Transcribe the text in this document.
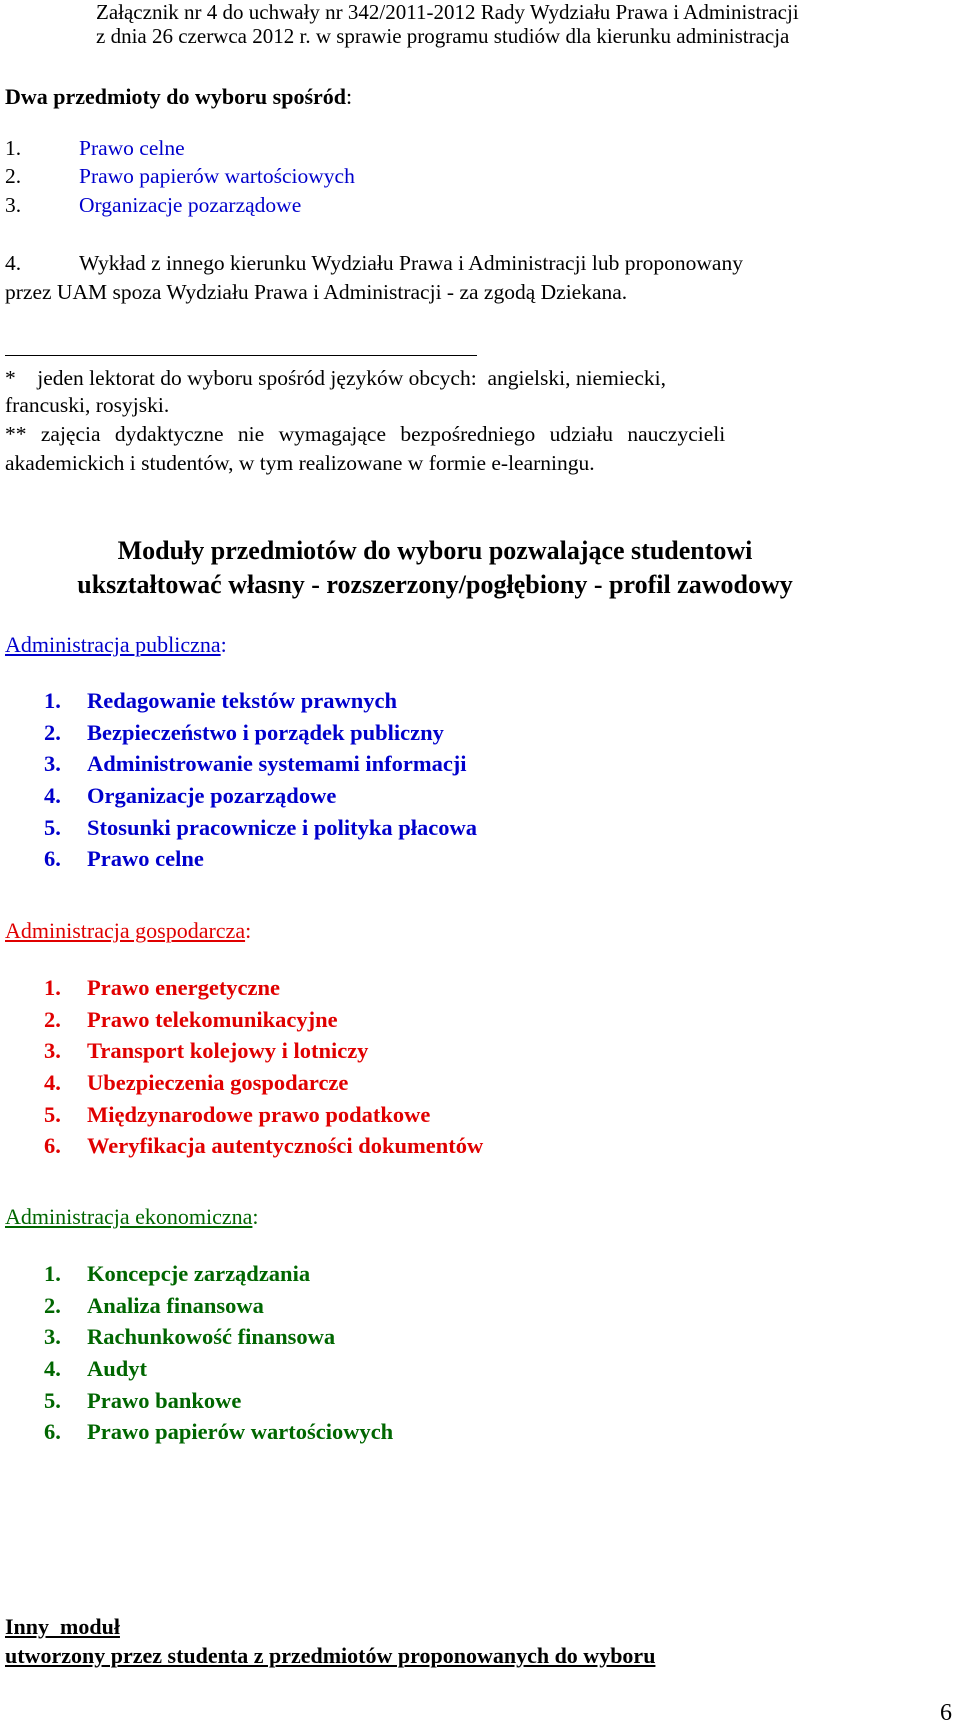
Załącznik nr 4 do uchwały nr 342/2011-2012 Rady Wydziału Prawa i Administracji
z dnia 26 czerwca 2012 r. w sprawie programu studiów dla kierunku administracja
Dwa przedmioty do wyboru spośród:
1.	Prawo celne
2.	Prawo papierów wartościowych
3.	Organizacje pozarządowe
4.	Wykład z innego kierunku Wydziału Prawa i Administracji lub proponowany
przez UAM spoza Wydziału Prawa i Administracji - za zgodą Dziekana.
*    jeden lektorat do wyboru spośród języków obcych:  angielski, niemiecki,
francuski, rosyjski.
** zajęcia dydaktyczne nie wymagające bezpośredniego udziału nauczycieli
akademickich i studentów, w tym realizowane w formie e-learningu.
Moduły przedmiotów do wyboru pozwalające studentowi
ukształtować własny - rozszerzony/pogłębiony - profil zawodowy
Administracja publiczna:
1. Redagowanie tekstów prawnych
2. Bezpieczeństwo i porządek publiczny
3. Administrowanie systemami informacji
4. Organizacje pozarządowe
5. Stosunki pracownicze i polityka płacowa
6. Prawo celne
Administracja gospodarcza:
1. Prawo energetyczne
2. Prawo telekomunikacyjne
3. Transport kolejowy i lotniczy
4. Ubezpieczenia gospodarcze
5. Międzynarodowe prawo podatkowe
6. Weryfikacja autentyczności dokumentów
Administracja ekonomiczna:
1. Koncepcje zarządzania
2. Analiza finansowa
3. Rachunkowość finansowa
4. Audyt
5. Prawo bankowe
6. Prawo papierów wartościowych
Inny  moduł
utworzony przez studenta z przedmiotów proponowanych do wyboru
6
